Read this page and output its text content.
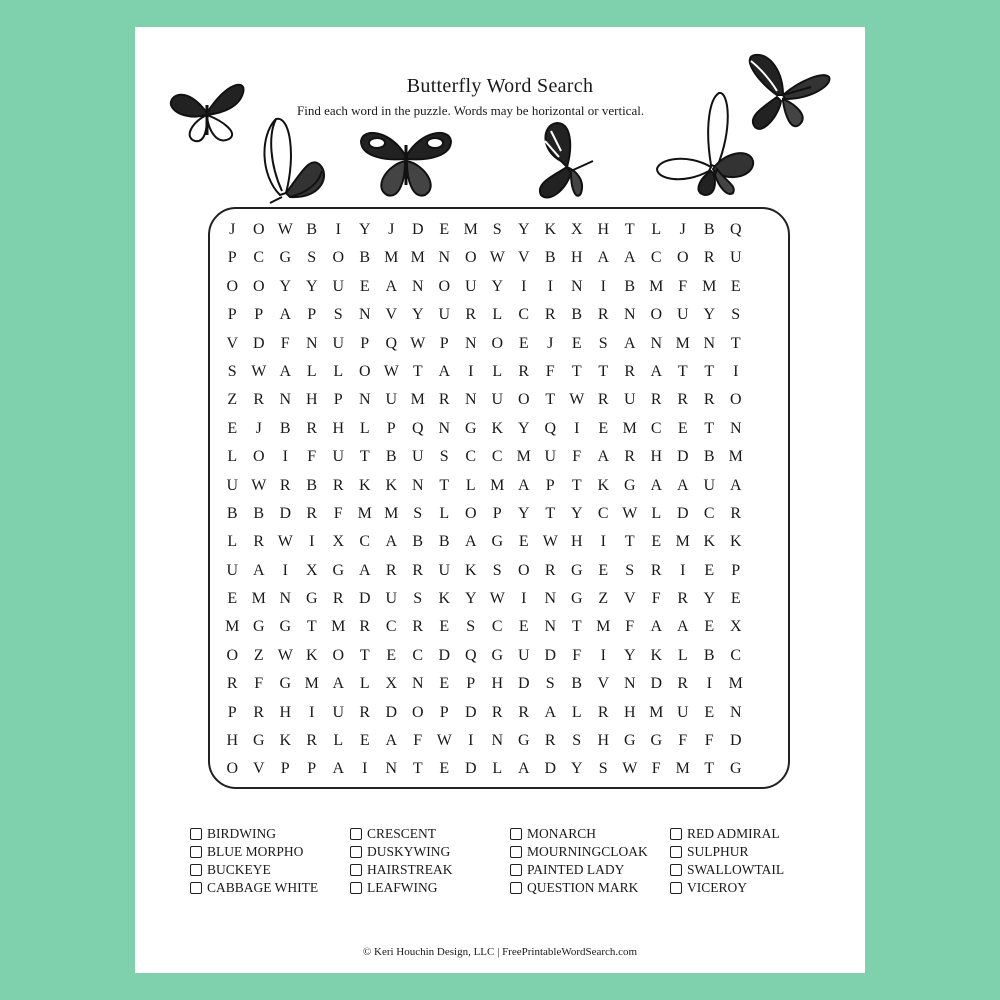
Butterfly Word Search
Find each word in the puzzle. Words may be horizontal or vertical.
J	O W B	I	Y	J	D E M S	Y K X H T	L	J	B Q
P	C G	S	O B M M N O W V B H A A C O R U
O O Y Y U E A N O U Y	I	I	N	I	B M F M E
P	P	A	P	S	N V Y U R	L	C R B R N O U Y	S
V D	F	N U	P	Q W P	N O E	J	E	S	A N M N T
S W A L	L O W T A	I	L	R	F	T	T	R A T	T	I
Z	R N H	P	N U M R N U O T W R U R R R O
E	J	B R H L	P	Q N G K Y Q	I	E M C	E	T N
L O	I	F	U T	B U	S	C C M U	F	A R H D B M
U W R B R K K N T	L M A	P	T K G A A U A
B B D R	F M M S	L O	P	Y T Y C W L D C R
L	R W	I	X C A B B A G E W H	I	T	E M K K
U A	I	X G A R R U K	S	O R G E	S	R	I	E	P
E M N G R D U	S	K Y W	I	N G Z V	F	R Y E
M G G T M R C R	E	S	C	E N T M F	A A E X
O Z W K O T	E	C D Q G U D	F	I	Y K L	B C
R	F	G M A L X N E	P	H D	S	B V N D R	I	M
P	R H	I	U R D O	P	D R R A L	R H M U E N
H G K R	L	E A	F W	I	N G R	S	H G G	F	F	D
O V	P	P	A	I	N T	E D L A D Y	S W F M T G
BIRDWING
BLUE MORPHO
BUCKEYE
CABBAGE WHITE
CRESCENT
DUSKYWING
HAIRSTREAK
LEAFWING
MONARCH
MOURNINGCLOAK
PAINTED LADY
QUESTION MARK
RED ADMIRAL
SULPHUR
SWALLOWTAIL
VICEROY
© Keri Houchin Design, LLC | FreePrintableWordSearch.com
